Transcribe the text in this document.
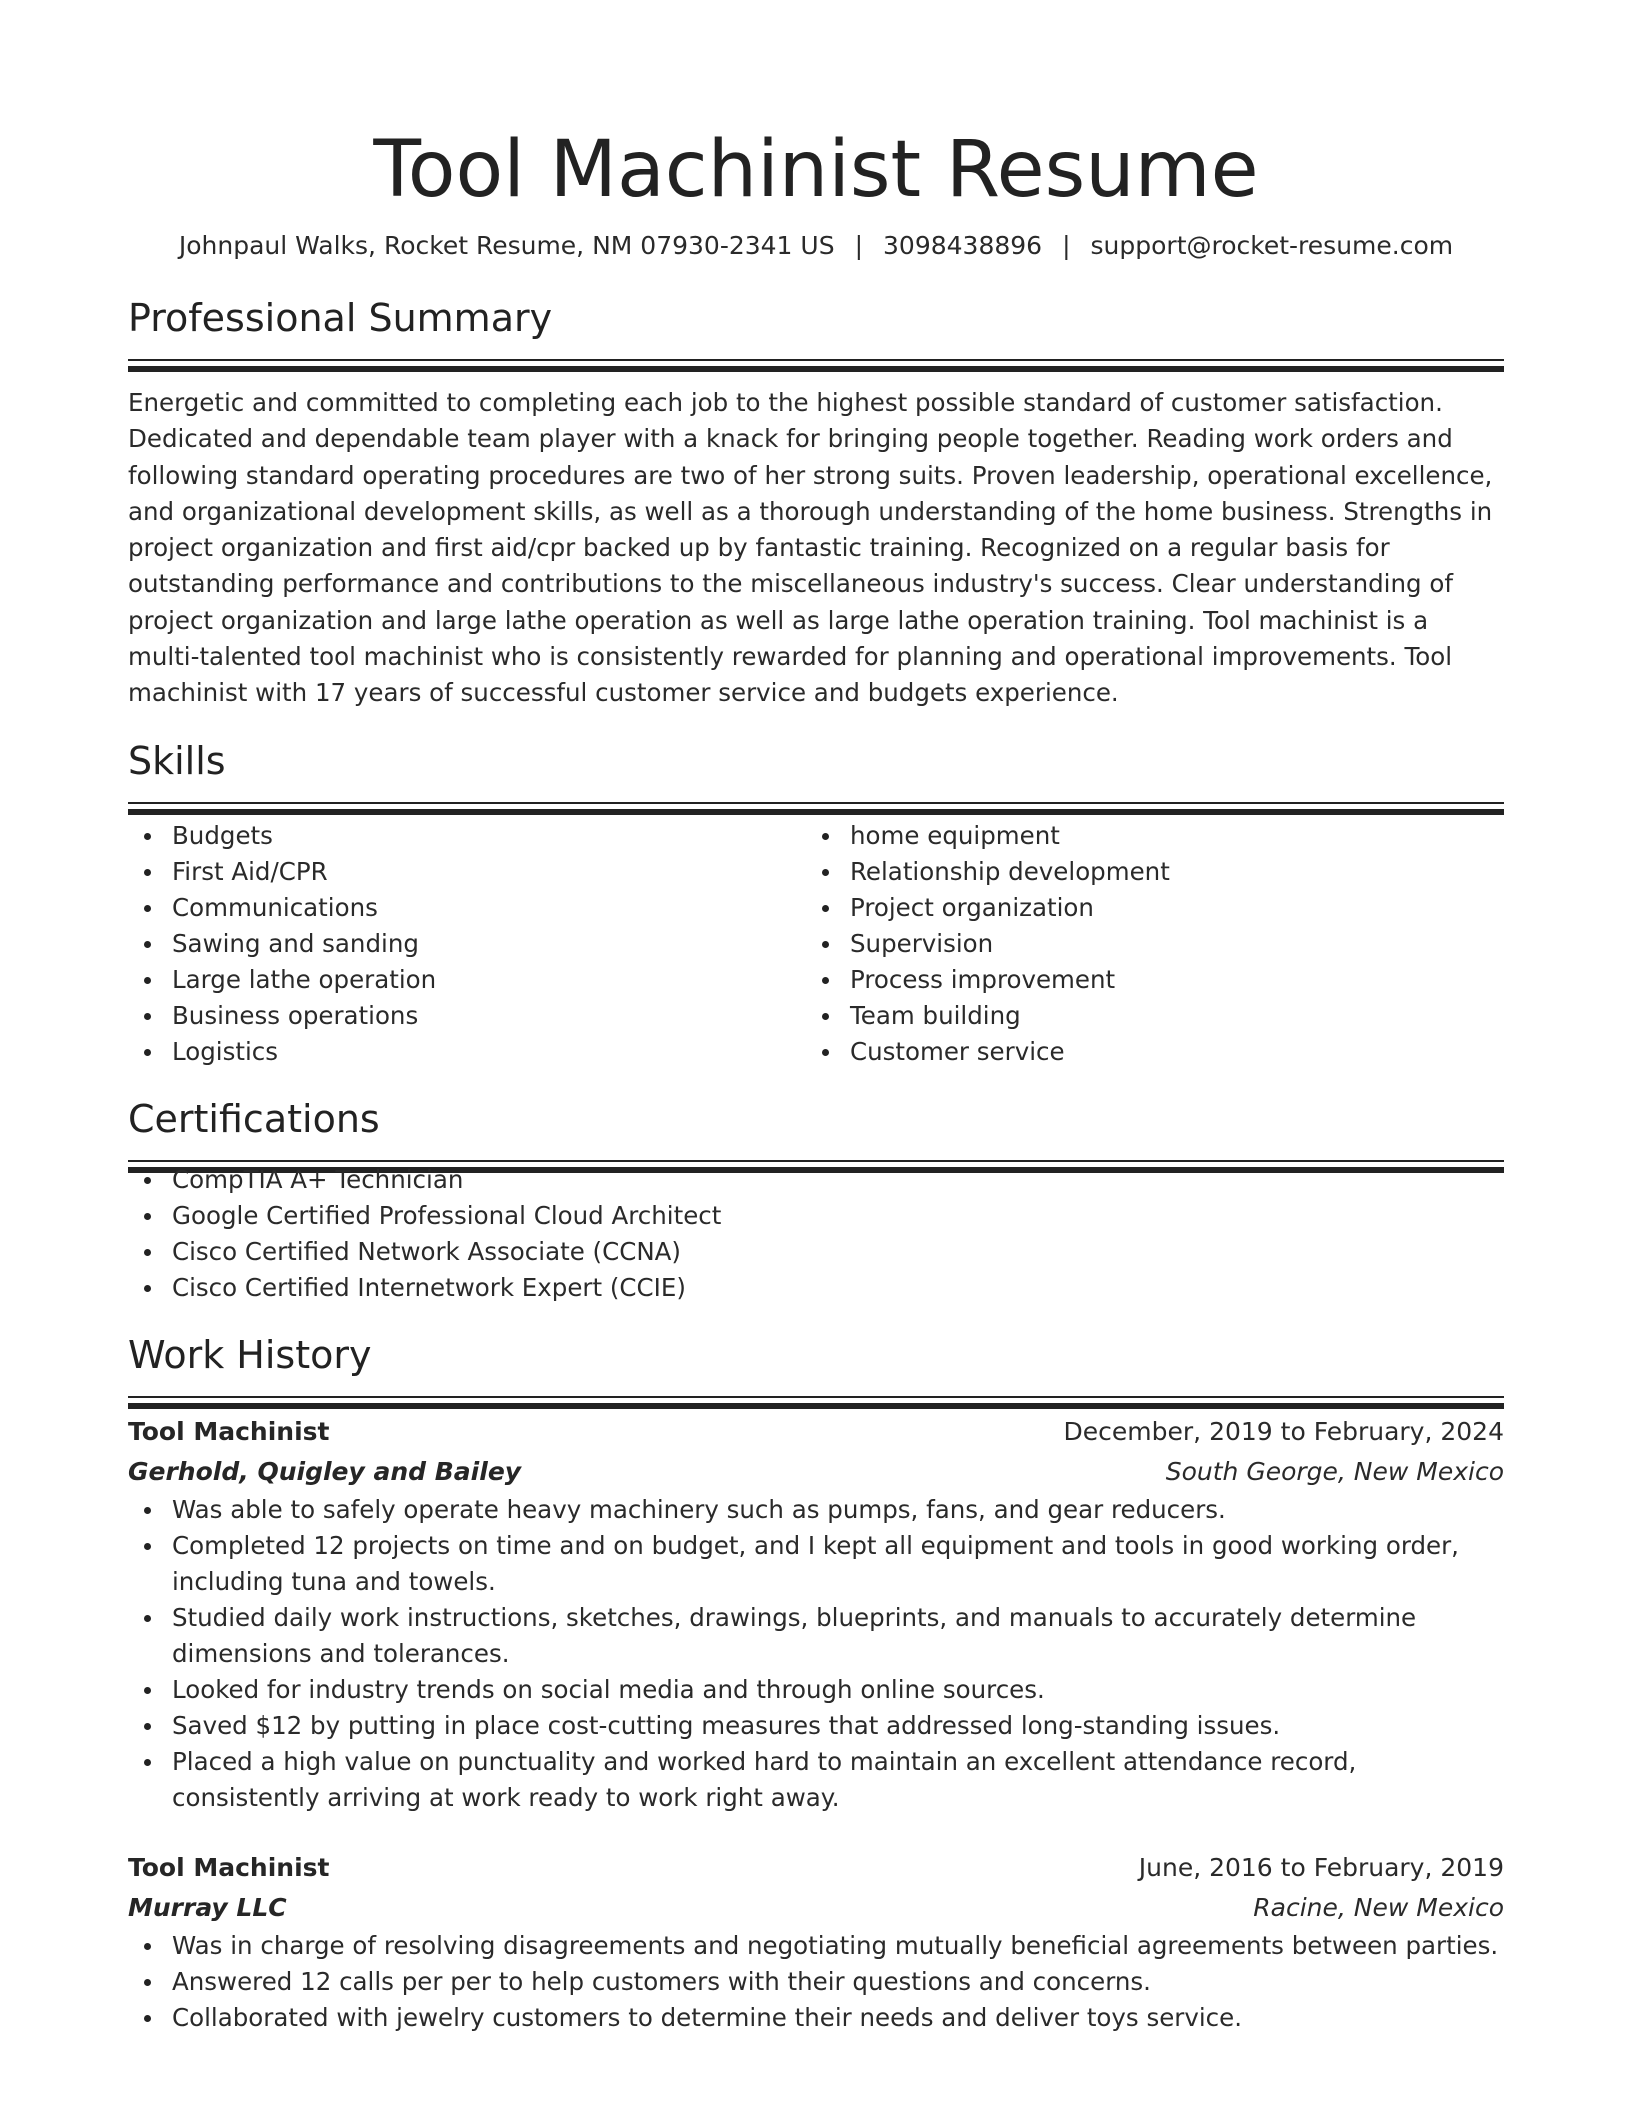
Tool Machinist Resume
Johnpaul Walks, Rocket Resume, NM 07930-2341 US | 3098438896 | support@rocket-resume.com
Professional Summary
Energetic and committed to completing each job to the highest possible standard of customer satisfaction. Dedicated and dependable team player with a knack for bringing people together. Reading work orders and following standard operating procedures are two of her strong suits. Proven leadership, operational excellence, and organizational development skills, as well as a thorough understanding of the home business. Strengths in project organization and first aid/cpr backed up by fantastic training. Recognized on a regular basis for outstanding performance and contributions to the miscellaneous industry's success. Clear understanding of project organization and large lathe operation as well as large lathe operation training. Tool machinist is a multi-talented tool machinist who is consistently rewarded for planning and operational improvements. Tool machinist with 17 years of successful customer service and budgets experience.
Skills
Budgets
First Aid/CPR
Communications
Sawing and sanding
Large lathe operation
Business operations
Logistics
home equipment
Relationship development
Project organization
Supervision
Process improvement
Team building
Customer service
Certifications
CompTIA A+ Technician
Google Certified Professional Cloud Architect
Cisco Certified Network Associate (CCNA)
Cisco Certified Internetwork Expert (CCIE)
Work History
Tool Machinist	December, 2019 to February, 2024
Gerhold, Quigley and Bailey	South George, New Mexico
Was able to safely operate heavy machinery such as pumps, fans, and gear reducers.
Completed 12 projects on time and on budget, and I kept all equipment and tools in good working order, including tuna and towels.
Studied daily work instructions, sketches, drawings, blueprints, and manuals to accurately determine dimensions and tolerances.
Looked for industry trends on social media and through online sources.
Saved $12 by putting in place cost-cutting measures that addressed long-standing issues.
Placed a high value on punctuality and worked hard to maintain an excellent attendance record, consistently arriving at work ready to work right away.
Tool Machinist	June, 2016 to February, 2019
Murray LLC	Racine, New Mexico
Was in charge of resolving disagreements and negotiating mutually beneficial agreements between parties.
Answered 12 calls per per to help customers with their questions and concerns.
Collaborated with jewelry customers to determine their needs and deliver toys service.
